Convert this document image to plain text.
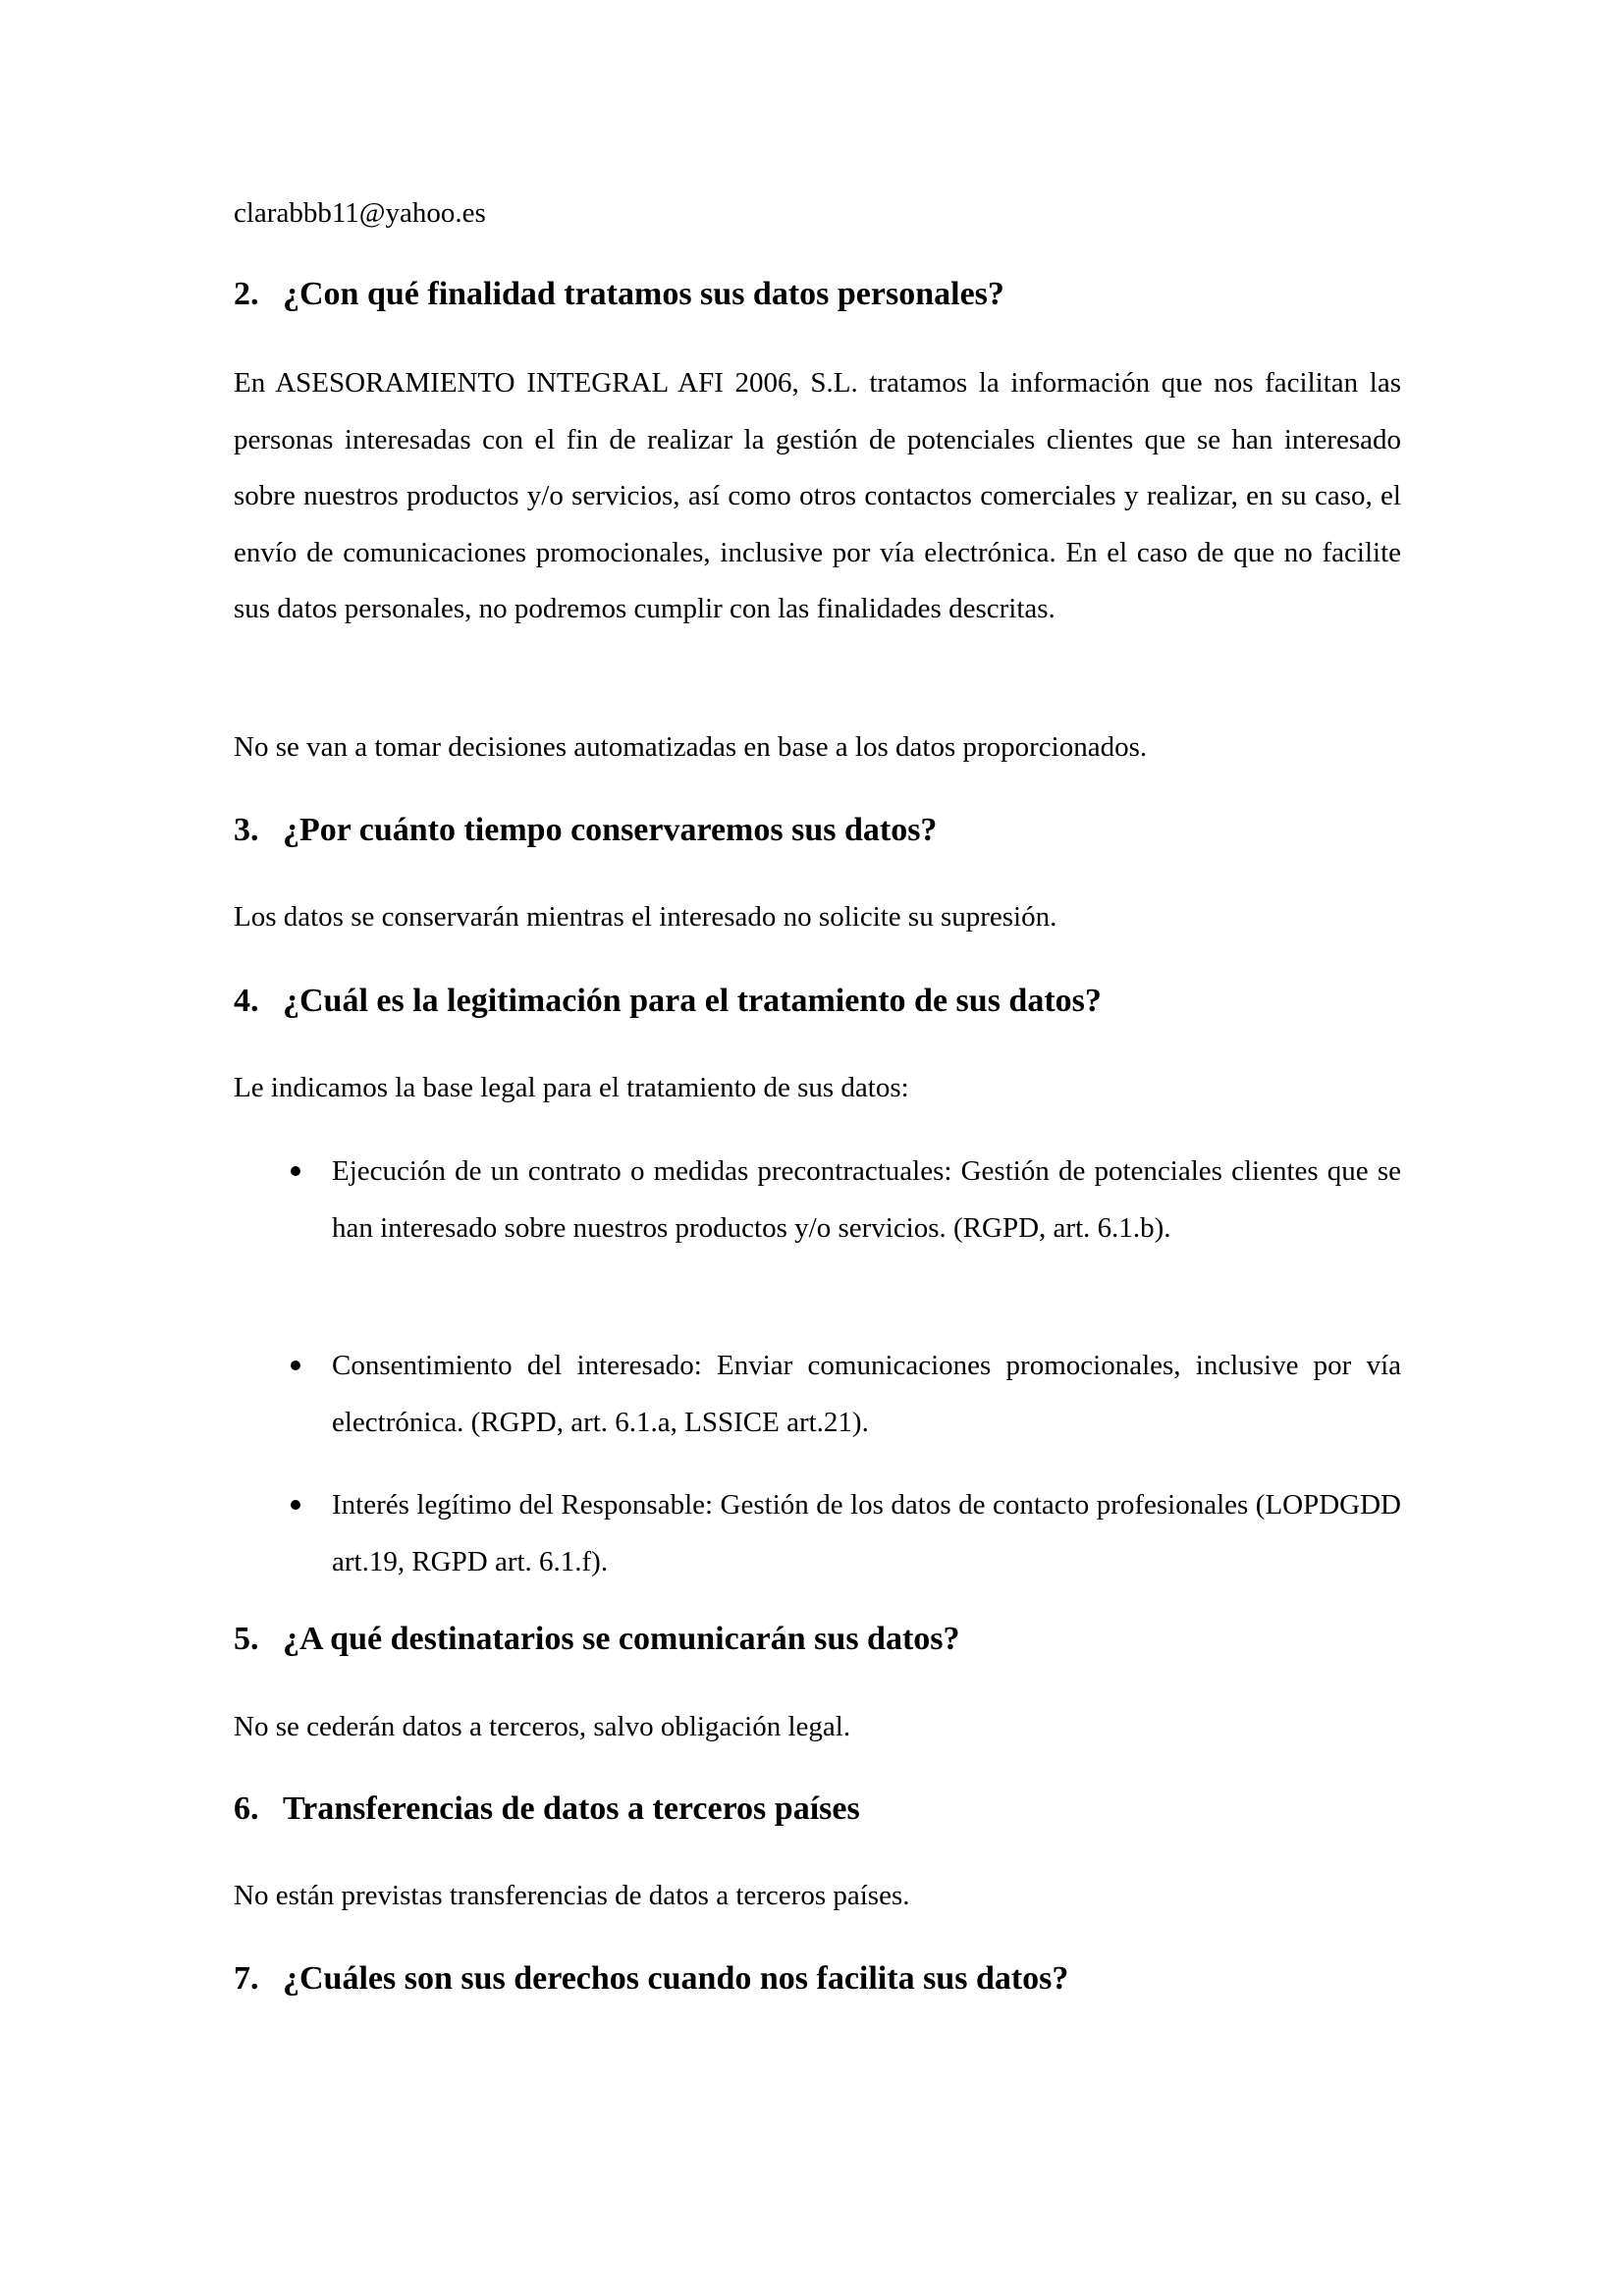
clarabbb11@yahoo.es

2. ¿Con qué finalidad tratamos sus datos personales?

En ASESORAMIENTO INTEGRAL AFI 2006, S.L. tratamos la información que nos facilitan las personas interesadas con el fin de realizar la gestión de potenciales clientes que se han interesado sobre nuestros productos y/o servicios, así como otros contactos comerciales y realizar, en su caso, el envío de comunicaciones promocionales, inclusive por vía electrónica. En el caso de que no facilite sus datos personales, no podremos cumplir con las finalidades descritas.

No se van a tomar decisiones automatizadas en base a los datos proporcionados.

3. ¿Por cuánto tiempo conservaremos sus datos?

Los datos se conservarán mientras el interesado no solicite su supresión.

4. ¿Cuál es la legitimación para el tratamiento de sus datos?

Le indicamos la base legal para el tratamiento de sus datos:

Ejecución de un contrato o medidas precontractuales: Gestión de potenciales clientes que se han interesado sobre nuestros productos y/o servicios. (RGPD, art. 6.1.b).
Consentimiento del interesado: Enviar comunicaciones promocionales, inclusive por vía electrónica. (RGPD, art. 6.1.a, LSSICE art.21).
Interés legítimo del Responsable: Gestión de los datos de contacto profesionales (LOPDGDD art.19, RGPD art. 6.1.f).
5. ¿A qué destinatarios se comunicarán sus datos?

No se cederán datos a terceros, salvo obligación legal.

6. Transferencias de datos a terceros países

No están previstas transferencias de datos a terceros países.

7. ¿Cuáles son sus derechos cuando nos facilita sus datos?
